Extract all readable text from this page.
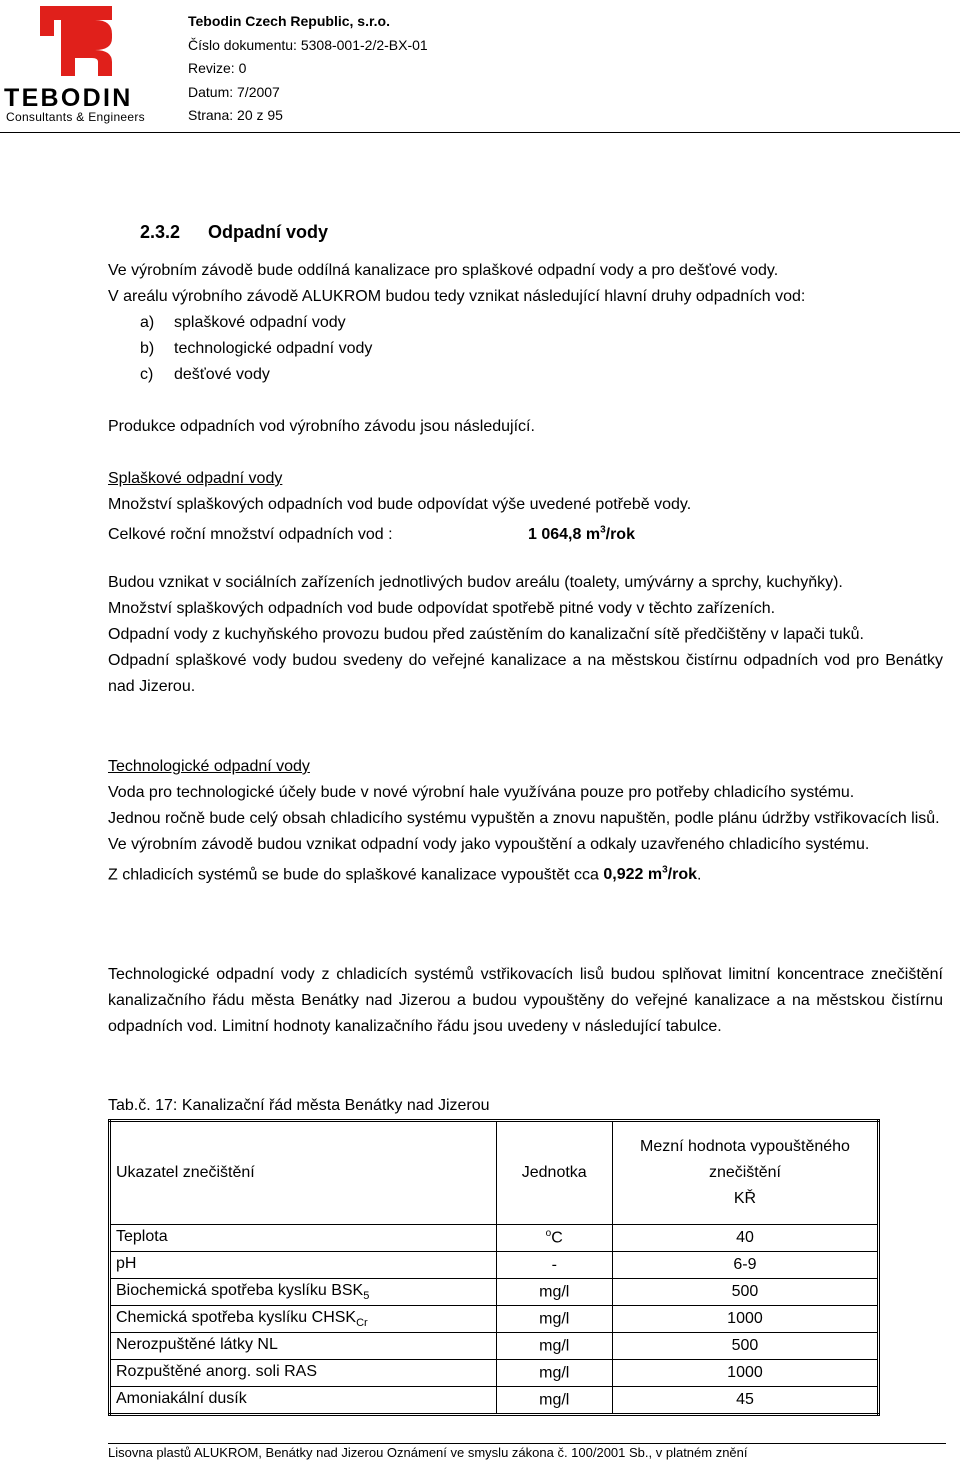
TEBODIN
Consultants & Engineers
Tebodin Czech Republic, s.r.o.
Číslo dokumentu: 5308-001-2/2-BX-01
Revize: 0
Datum: 7/2007
Strana: 20 z 95
2.3.2 Odpadní vody

Ve výrobním závodě bude oddílná kanalizace pro splaškové odpadní vody a pro dešťové vody.

V areálu výrobního závodě ALUKROM budou tedy vznikat následující hlavní druhy odpadních vod:

a) splaškové odpadní vody
b) technologické odpadní vody
c) dešťové vody
Produkce odpadních vod výrobního závodu jsou následující.

Splaškové odpadní vody

Množství splaškových odpadních vod bude odpovídat výše uvedené potřebě vody.

Celkové roční množství odpadních vod :	1 064,8 $m^3$/rok

Budou vznikat v sociálních zařízeních jednotlivých budov areálu (toalety, umývárny a sprchy, kuchyňky).

Množství splaškových odpadních vod bude odpovídat spotřebě pitné vody v těchto zařízeních.

Odpadní vody z kuchyňského provozu budou před zaústěním do kanalizační sítě předčištěny v lapači tuků.

Odpadní splaškové vody budou svedeny do veřejné kanalizace a na městskou čistírnu odpadních vod pro Benátky nad Jizerou.

Technologické odpadní vody

Voda pro technologické účely bude v nové výrobní hale využívána pouze pro potřeby chladicího systému.

Jednou ročně bude celý obsah chladicího systému vypuštěn a znovu napuštěn, podle plánu údržby vstřikovacích lisů.

Ve výrobním závodě budou vznikat odpadní vody jako vypouštění a odkaly uzavřeného chladicího systému.

Z chladicích systémů se bude do splaškové kanalizace vypouštět cca 0,922 $m^3$/rok.

Technologické odpadní vody z chladicích systémů vstřikovacích lisů budou splňovat limitní koncentrace znečištění kanalizačního řádu města Benátky nad Jizerou a budou vypouštěny do veřejné kanalizace a na městskou čistírnu odpadních vod. Limitní hodnoty kanalizačního řádu jsou uvedeny v následující tabulce.
Tab.č. 17: Kanalizační řád města Benátky nad Jizerou
Ukazatel znečištění	Jednotka	Mezní hodnota vypouštěného
znečištění
KŘ

Teplota	$^o$C	40
pH	-	6-9
Biochemická spotřeba kyslíku $BSK_5$	mg/l	500
Chemická spotřeba kyslíku $CHSK_{Cr}$	mg/l	1000
Nerozpuštěné látky NL	mg/l	500
Rozpuštěné anorg. soli RAS	mg/l	1000
Amoniakální dusík	mg/l	45
Lisovna plastů ALUKROM, Benátky nad Jizerou Oznámení ve smyslu zákona č. 100/2001 Sb., v platném znění
